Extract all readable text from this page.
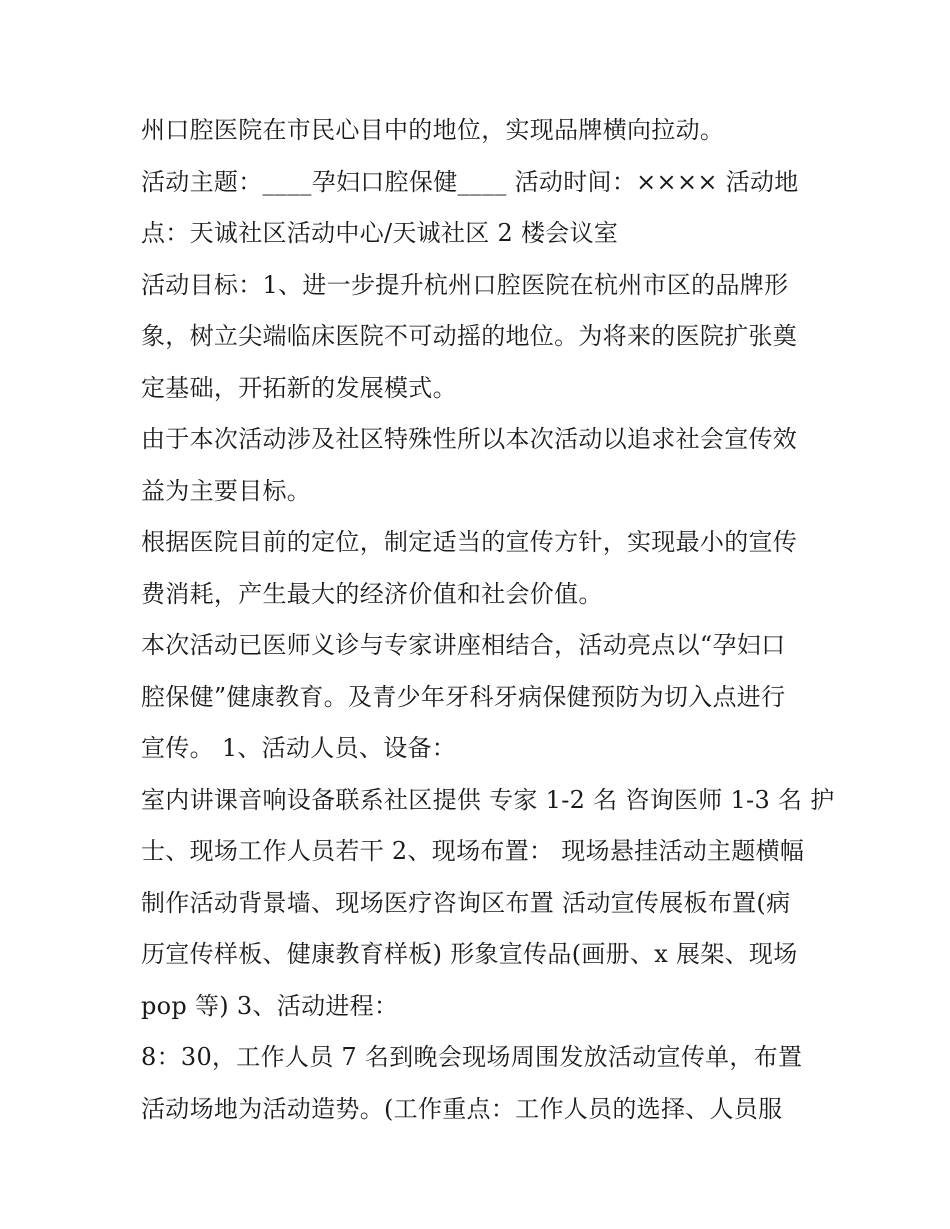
州口腔医院在市民心目中的地位，实现品牌横向拉动。
活动主题：____孕妇口腔保健____ 活动时间：×××× 活动地
点：天诚社区活动中心/天诚社区 2 楼会议室
活动目标：1、进一步提升杭州口腔医院在杭州市区的品牌形
象，树立尖端临床医院不可动摇的地位。为将来的医院扩张奠
定基础，开拓新的发展模式。
由于本次活动涉及社区特殊性所以本次活动以追求社会宣传效
益为主要目标。
根据医院目前的定位，制定适当的宣传方针，实现最小的宣传
费消耗，产生最大的经济价值和社会价值。
本次活动已医师义诊与专家讲座相结合，活动亮点以“孕妇口
腔保健”健康教育。及青少年牙科牙病保健预防为切入点进行
宣传。 1、活动人员、设备：
室内讲课音响设备联系社区提供 专家 1-2 名 咨询医师 1-3 名 护
士、现场工作人员若干 2、现场布置： 现场悬挂活动主题横幅
制作活动背景墙、现场医疗咨询区布置 活动宣传展板布置(病
历宣传样板、健康教育样板) 形象宣传品(画册、x 展架、现场
pop 等) 3、活动进程：
8：30，工作人员 7 名到晚会现场周围发放活动宣传单，布置
活动场地为活动造势。(工作重点：工作人员的选择、人员服
